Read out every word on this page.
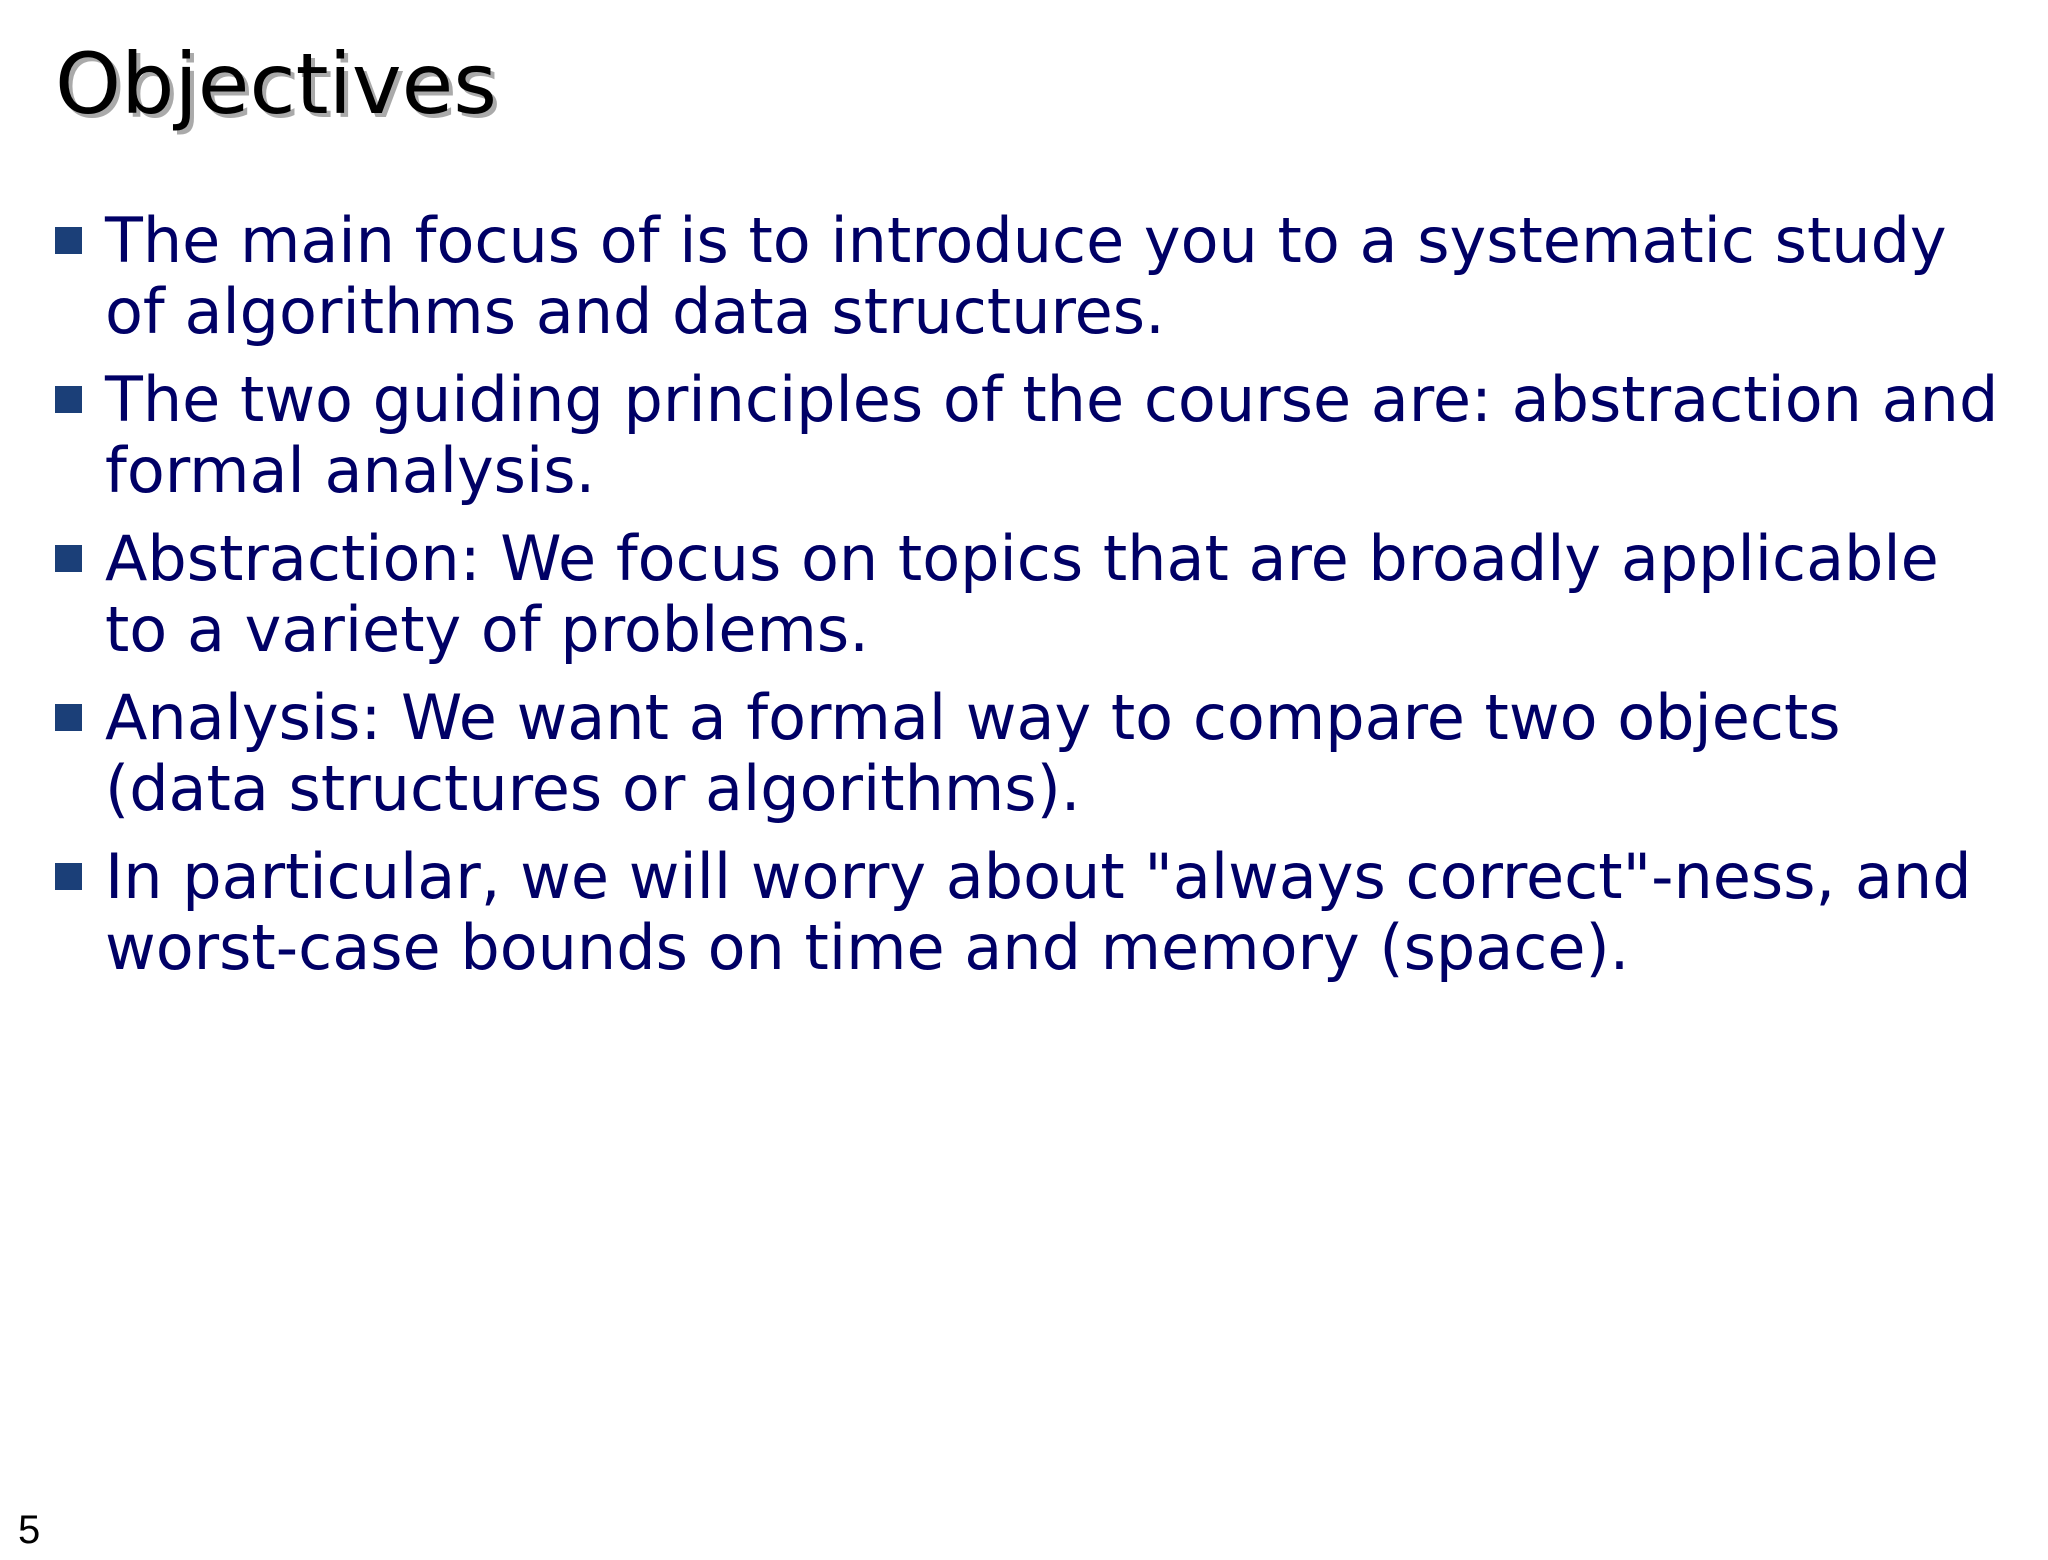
Objectives
The main focus of is to introduce you to a systematic study of algorithms and data structures.
The two guiding principles of the course are: abstraction and formal analysis.
Abstraction: We focus on topics that are broadly applicable to a variety of problems.
Analysis: We want a formal way to compare two objects (data structures or algorithms).
In particular, we will worry about "always correct"-ness, and worst-case bounds on time and memory (space).
5
